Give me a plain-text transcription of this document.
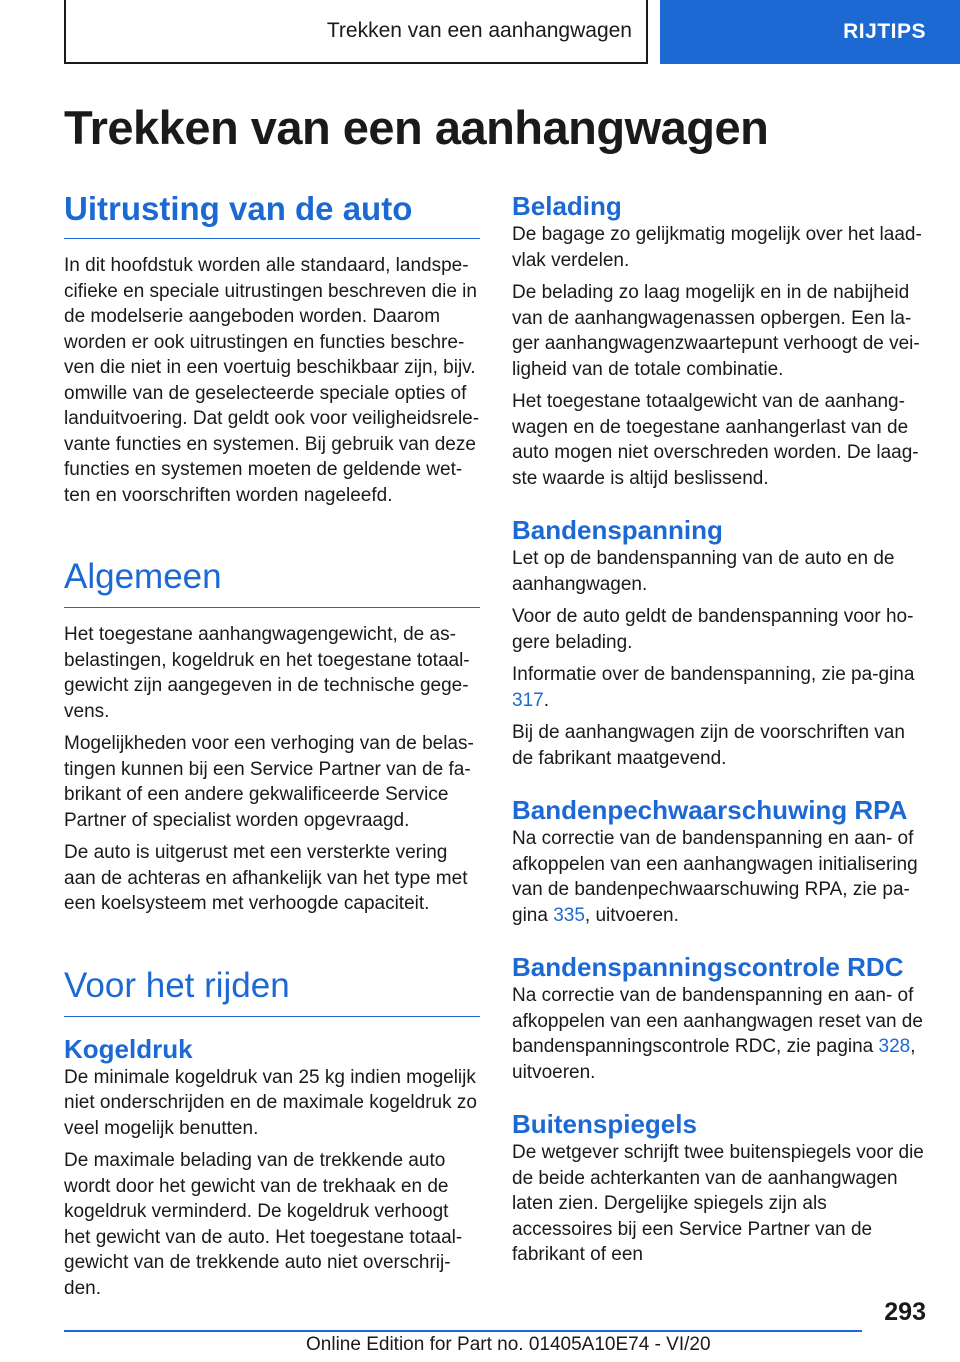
Trekken van een aanhangwagen	RIJTIPS
Trekken van een aanhangwagen
Uitrusting van de auto

In dit hoofdstuk worden alle standaard, landspe-cifieke en speciale uitrustingen beschreven die in de modelserie aangeboden worden. Daarom worden er ook uitrustingen en functies beschre-ven die niet in een voertuig beschikbaar zijn, bijv. omwille van de geselecteerde speciale opties of landuitvoering. Dat geldt ook voor veiligheidsrele-vante functies en systemen. Bij gebruik van deze functies en systemen moeten de geldende wet-ten en voorschriften worden nageleefd.

Algemeen

Het toegestane aanhangwagengewicht, de as-belastingen, kogeldruk en het toegestane totaal-gewicht zijn aangegeven in de technische gege-vens.

Mogelijkheden voor een verhoging van de belas-tingen kunnen bij een Service Partner van de fa-brikant of een andere gekwalificeerde Service Partner of specialist worden opgevraagd.

De auto is uitgerust met een versterkte vering aan de achteras en afhankelijk van het type met een koelsysteem met verhoogde capaciteit.

Voor het rijden
Kogeldruk

De minimale kogeldruk van 25 kg indien mogelijk niet onderschrijden en de maximale kogeldruk zo veel mogelijk benutten.

De maximale belading van de trekkende auto wordt door het gewicht van de trekhaak en de kogeldruk verminderd. De kogeldruk verhoogt het gewicht van de auto. Het toegestane totaal-gewicht van de trekkende auto niet overschrij-den.

Belading

De bagage zo gelijkmatig mogelijk over het laad-vlak verdelen.

De belading zo laag mogelijk en in de nabijheid van de aanhangwagenassen opbergen. Een la-ger aanhangwagenzwaartepunt verhoogt de vei-ligheid van de totale combinatie.

Het toegestane totaalgewicht van de aanhang-wagen en de toegestane aanhangerlast van de auto mogen niet overschreden worden. De laag-ste waarde is altijd beslissend.

Bandenspanning

Let op de bandenspanning van de auto en de aanhangwagen.

Voor de auto geldt de bandenspanning voor ho-gere belading.

Informatie over de bandenspanning, zie pa-gina 317.

Bij de aanhangwagen zijn de voorschriften van de fabrikant maatgevend.

Bandenpechwaarschuwing RPA

Na correctie van de bandenspanning en aan- of afkoppelen van een aanhangwagen initialisering van de bandenpechwaarschuwing RPA, zie pa-gina 335, uitvoeren.

Bandenspanningscontrole RDC

Na correctie van de bandenspanning en aan- of afkoppelen van een aanhangwagen reset van de bandenspanningscontrole RDC, zie pagina 328, uitvoeren.

Buitenspiegels

De wetgever schrijft twee buitenspiegels voor die de beide achterkanten van de aanhangwagen laten zien. Dergelijke spiegels zijn als accessoires bij een Service Partner van de fabrikant of een

293
Online Edition for Part no. 01405A10E74 - VI/20
